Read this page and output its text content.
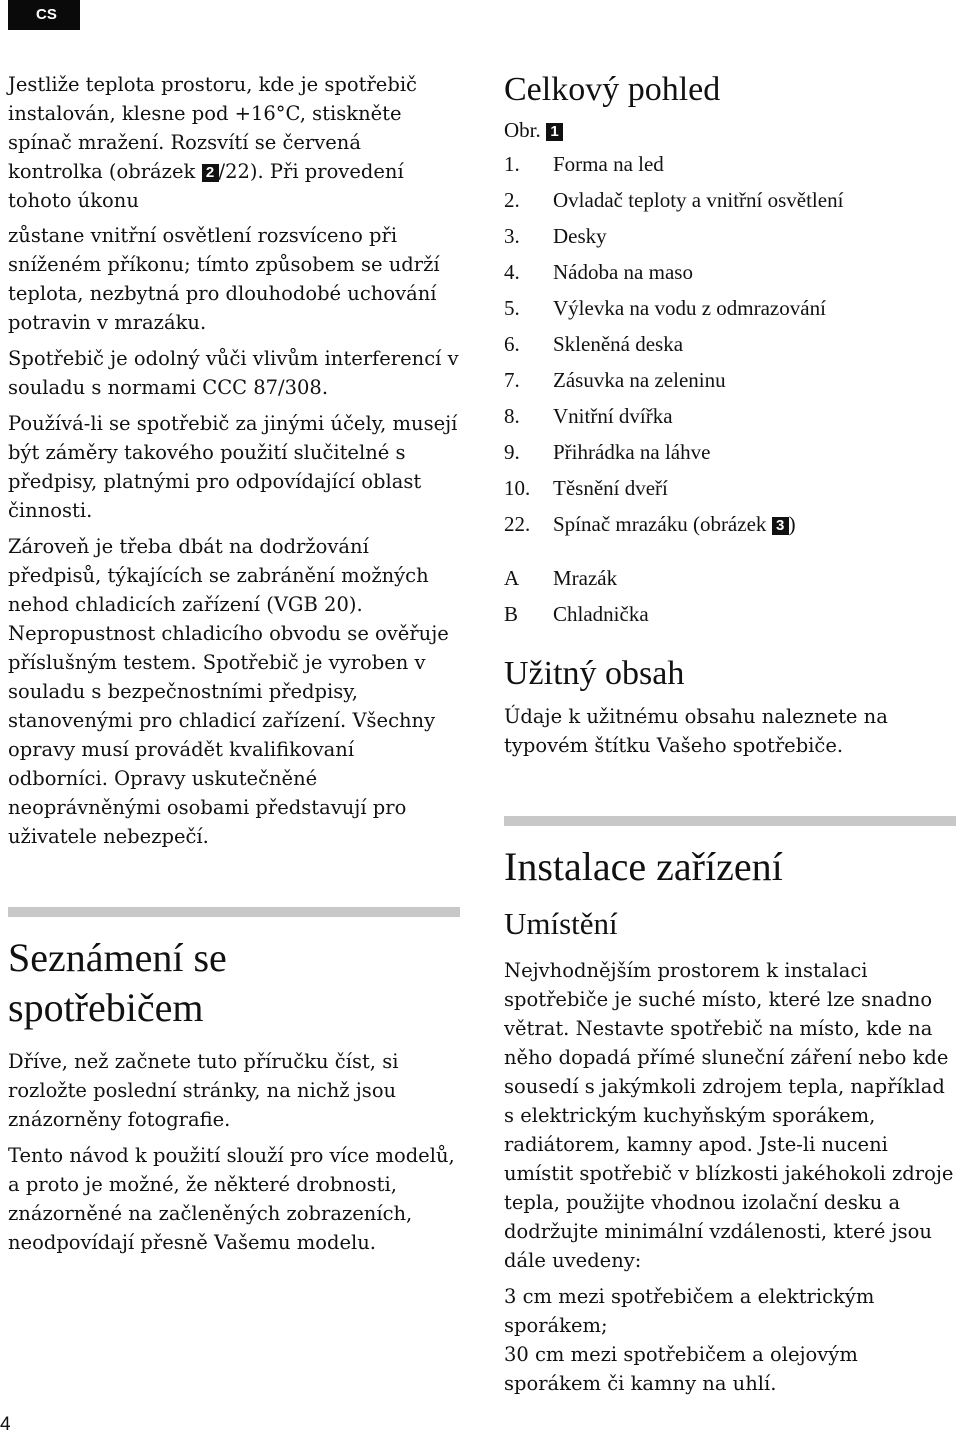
CS

Jestliže teplota prostoru, kde je spotřebič instalován, klesne pod +16°C, stiskněte spínač mražení. Rozsvítí se červená kontrolka (obrázek 2 /22). Při provedení tohoto úkonu

zůstane vnitřní osvětlení rozsvíceno při sníženém příkonu; tímto způsobem se udrží teplota, nezbytná pro dlouhodobé uchování potravin v mrazáku.

Spotřebič je odolný vůči vlivům interferencí v souladu s normami CCC 87/308.

Používá-li se spotřebič za jinými účely, musejí být záměry takového použití slučitelné s předpisy, platnými pro odpovídající oblast činnosti.

Zároveň je třeba dbát na dodržování předpisů, týkajících se zabránění možných nehod chladicích zařízení (VGB 20). Nepropustnost chladicího obvodu se ověřuje příslušným testem. Spotřebič je vyroben v souladu s bezpečnostními předpisy, stanovenými pro chladicí zařízení. Všechny opravy musí provádět kvalifikovaní odborníci. Opravy uskutečněné neoprávněnými osobami představují pro uživatele nebezpečí.

Seznámení se
spotřebičem

Dříve, než začnete tuto příručku číst, si rozložte poslední stránky, na nichž jsou znázorněny fotografie.

Tento návod k použití slouží pro více modelů, a proto je možné, že některé drobnosti, znázorněné na začleněných zobrazeních, neodpovídají přesně Vašemu modelu.

Celkový pohled
Obr. 1
1.	Forma na led
2.	Ovladač teploty a vnitřní osvětlení
3.	Desky
4.	Nádoba na maso
5.	Výlevka na vodu z odmrazování
6.	Skleněná deska
7.	Zásuvka na zeleninu
8.	Vnitřní dvířka
9.	Přihrádka na láhve
10.	Těsnění dveří
22.	Spínač mrazáku (obrázek 3 )
A	Mrazák
B	Chladnička
Užitný obsah

Údaje k užitnému obsahu naleznete na typovém štítku Vašeho spotřebiče.

Instalace zařízení
Umístění

Nejvhodnějším prostorem k instalaci spotřebiče je suché místo, které lze snadno větrat. Nestavte spotřebič na místo, kde na něho dopadá přímé sluneční záření nebo kde sousedí s jakýmkoli zdrojem tepla, například s elektrickým kuchyňským sporákem, radiátorem, kamny apod. Jste-li nuceni umístit spotřebič v blízkosti jakéhokoli zdroje tepla, použijte vhodnou izolační desku a dodržujte minimální vzdálenosti, které jsou dále uvedeny:

3 cm mezi spotřebičem a elektrickým sporákem;

30 cm mezi spotřebičem a olejovým sporákem či kamny na uhlí.

4
